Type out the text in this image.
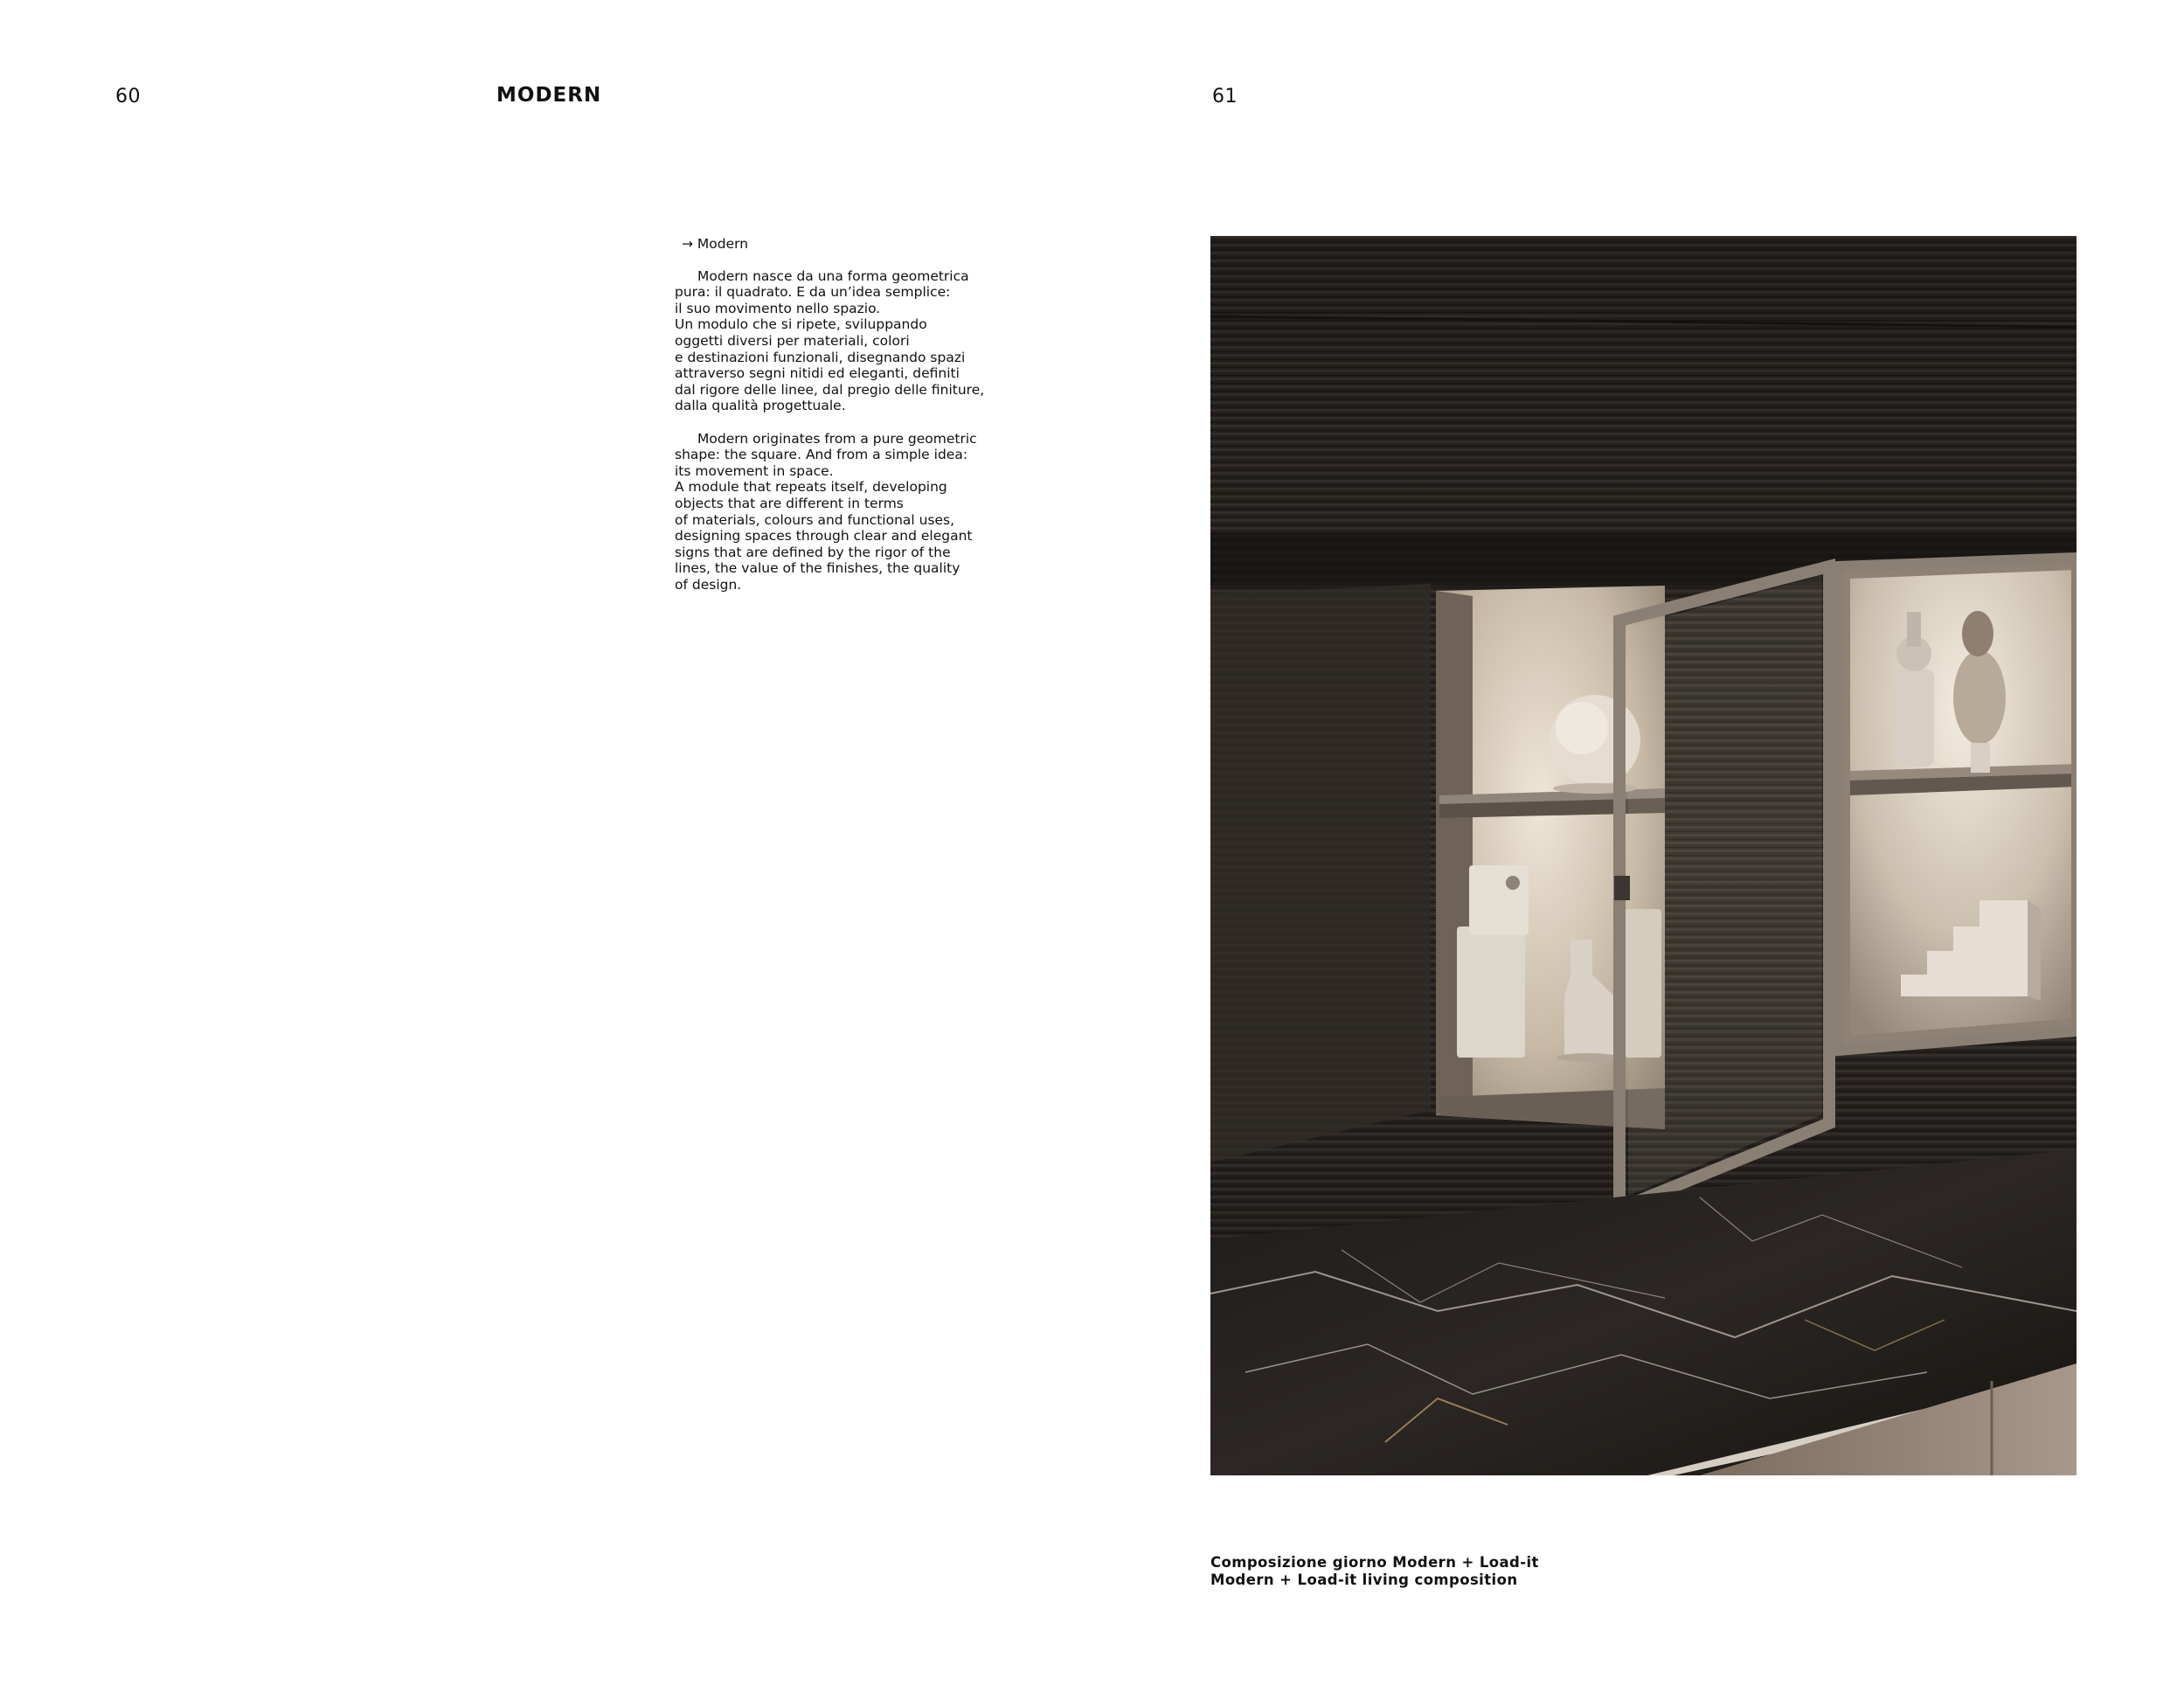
60	MODERN

→ Modern

Modern nasce da una forma geometrica
pura: il quadrato. E da un’idea semplice:
il suo movimento nello spazio.
Un modulo che si ripete, sviluppando
oggetti diversi per materiali, colori
e destinazioni funzionali, disegnando spazi
attraverso segni nitidi ed eleganti, definiti
dal rigore delle linee, dal pregio delle finiture,
dalla qualità progettuale.

Modern originates from a pure geometric
shape: the square. And from a simple idea:
its movement in space.
A module that repeats itself, developing
objects that are different in terms
of materials, colours and functional uses,
designing spaces through clear and elegant
signs that are defined by the rigor of the
lines, the value of the finishes, the quality
of design.

61
Composizione giorno Modern + Load-it
Modern + Load-it living composition
